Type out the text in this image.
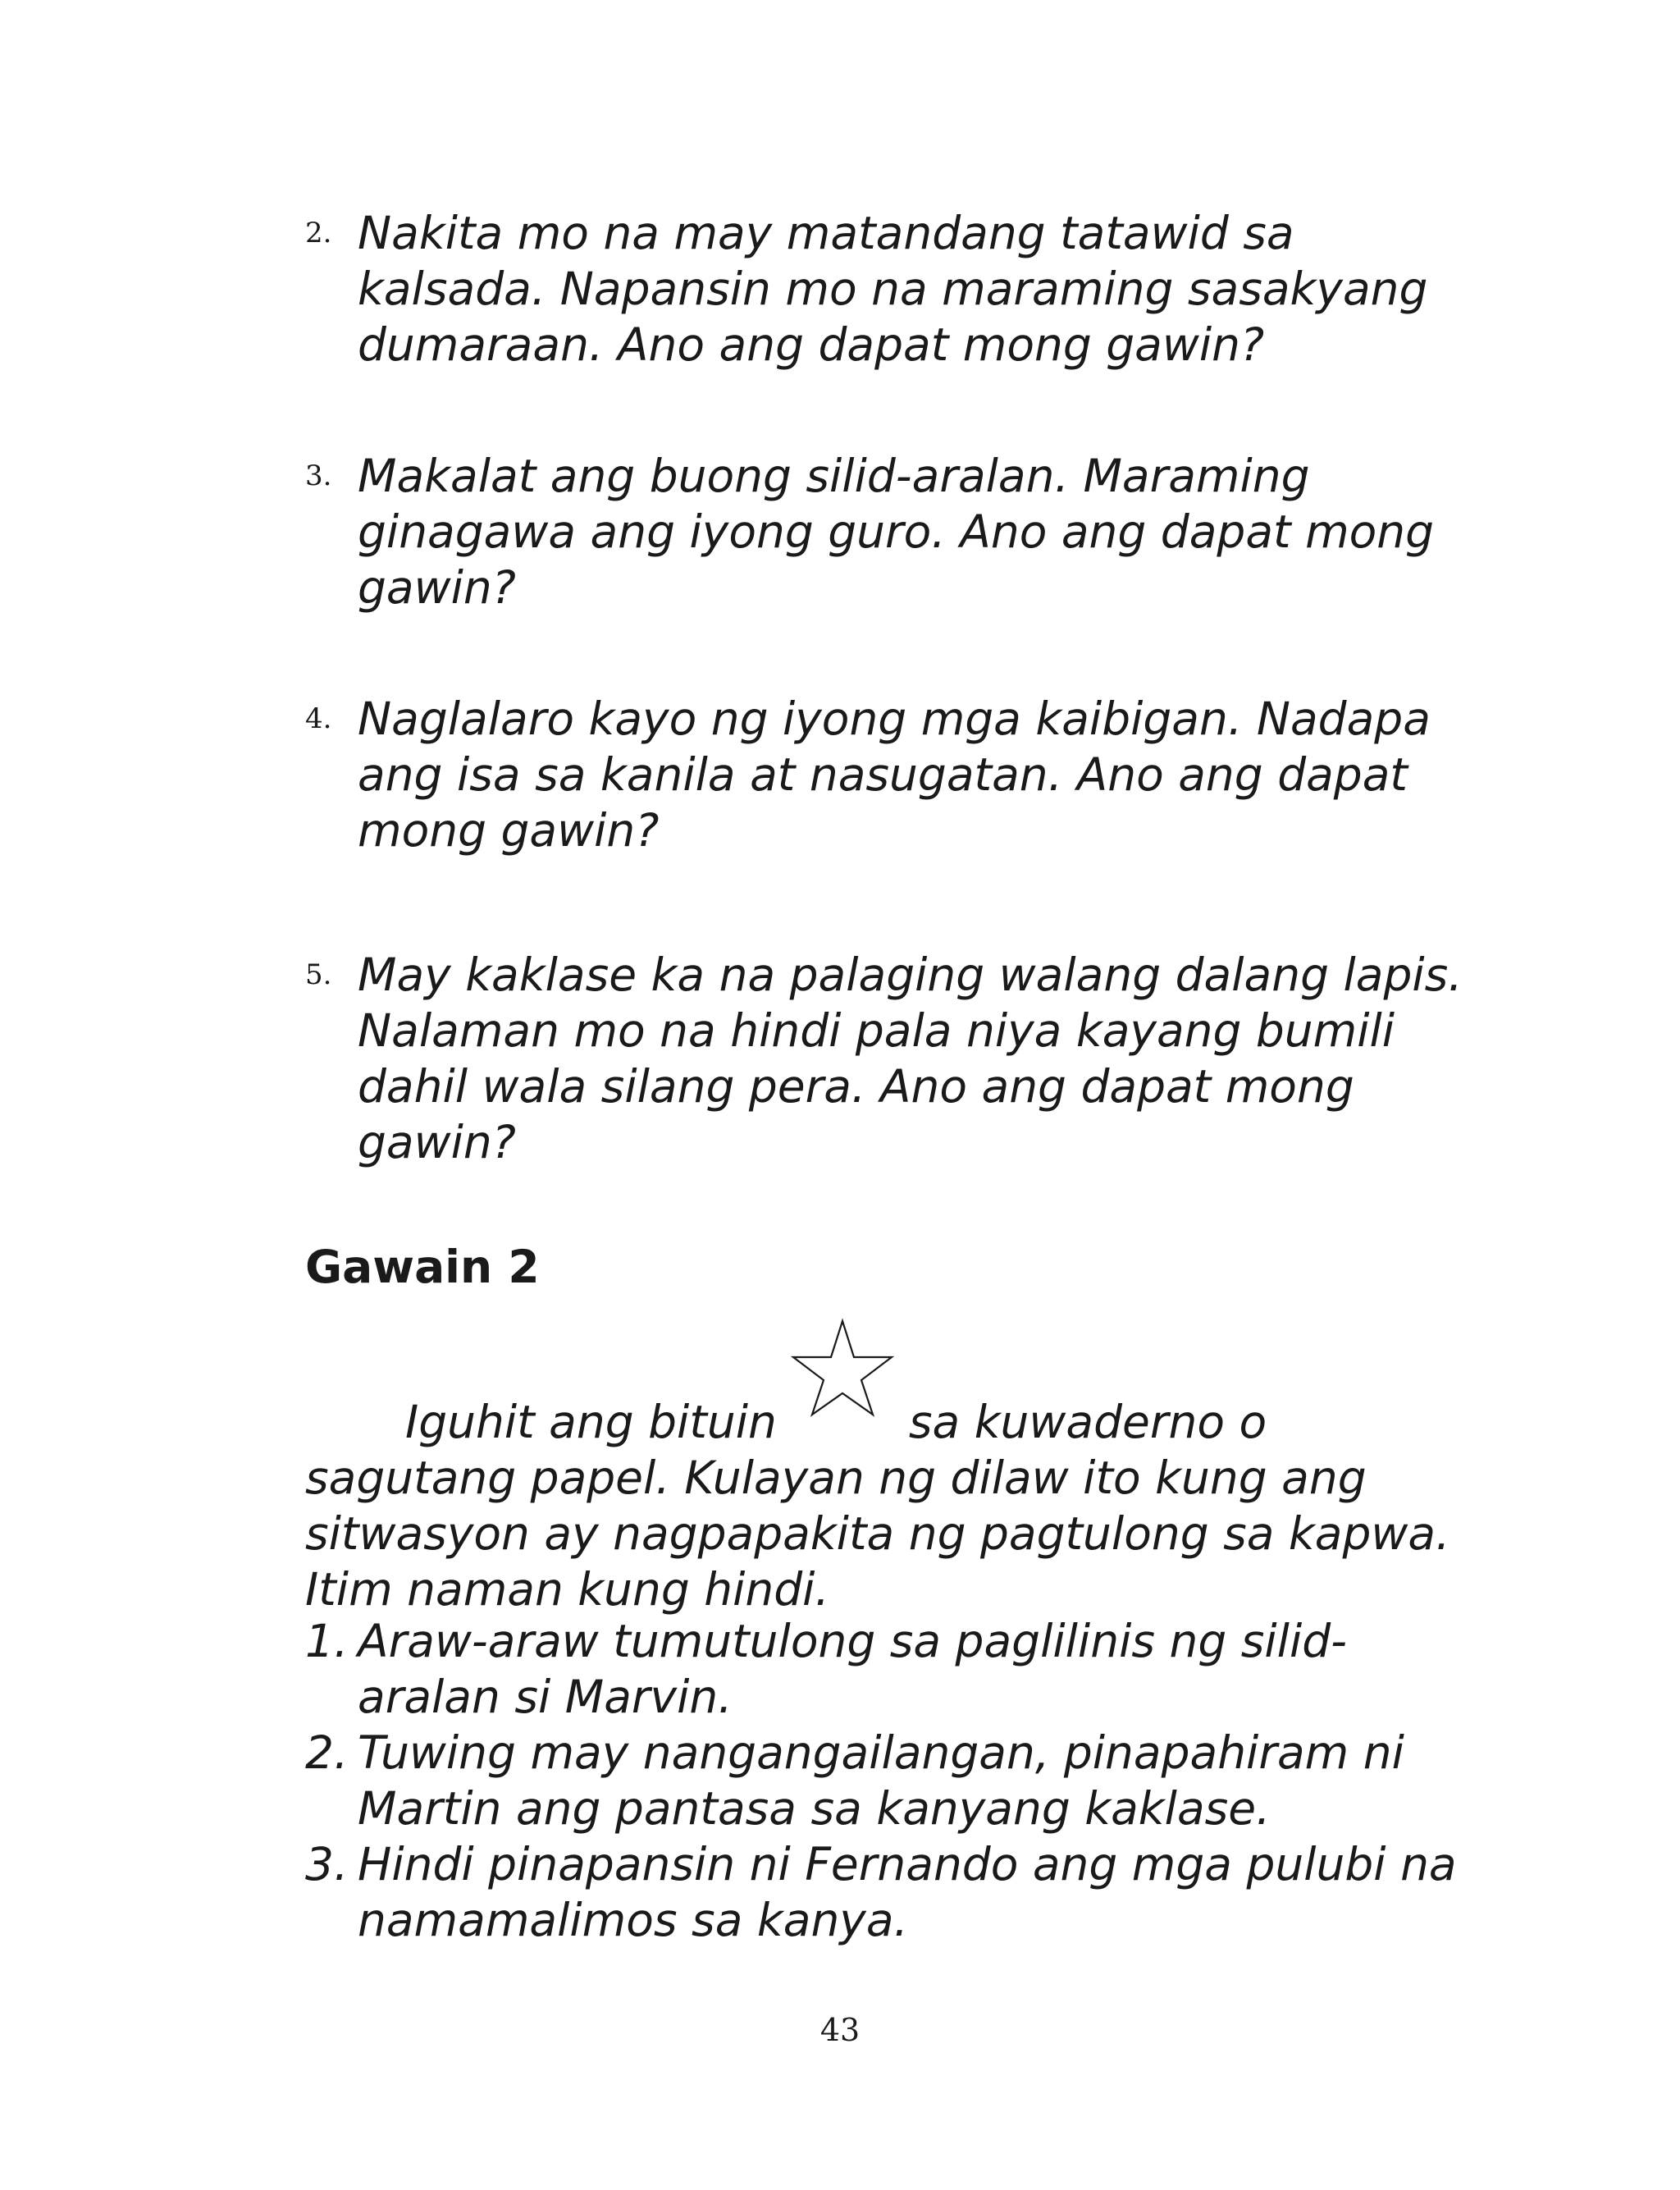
2. Nakita mo na may matandang tatawid sa kalsada. Napansin mo na maraming sasakyang dumaraan. Ano ang dapat mong gawin?
3. Makalat ang buong silid-aralan. Maraming ginagawa ang iyong guro. Ano ang dapat mong gawin?
4. Naglalaro kayo ng iyong mga kaibigan. Nadapa ang isa sa kanila at nasugatan. Ano ang dapat mong gawin?
5. May kaklase ka na palaging walang dalang lapis. Nalaman mo na hindi pala niya kayang bumili dahil wala silang pera. Ano ang dapat mong gawin?
Gawain 2
Iguhit ang bituin	sa kuwaderno o sagutang papel. Kulayan ng dilaw ito kung ang sitwasyon ay nagpapakita ng pagtulong sa kapwa. Itim naman kung hindi.
1. Araw-araw tumutulong sa paglilinis ng silid-aralan si Marvin.
2. Tuwing may nangangailangan, pinapahiram ni Martin ang pantasa sa kanyang kaklase.
3. Hindi pinapansin ni Fernando ang mga pulubi na namamalimos sa kanya.
43
